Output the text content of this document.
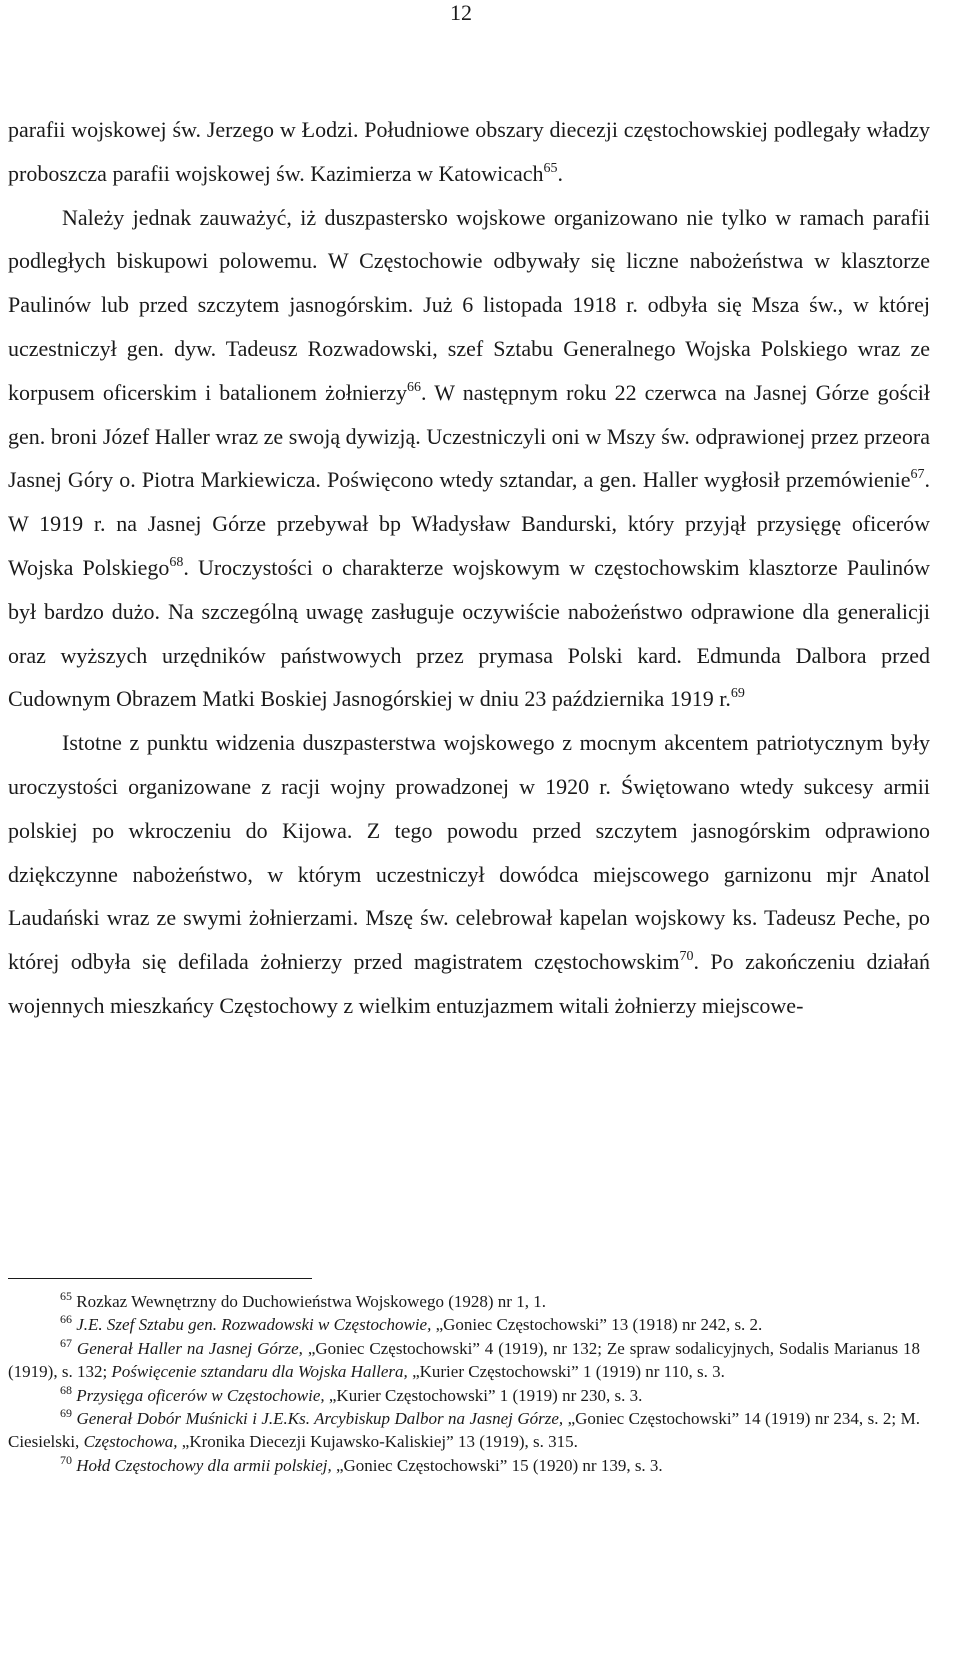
12

parafii wojskowej św. Jerzego w Łodzi. Południowe obszary diecezji częstochowskiej podlegały władzy proboszcza parafii wojskowej św. Kazimierza w Katowicach$^{65}$.

Należy jednak zauważyć, iż duszpastersko wojskowe organizowano nie tylko w ramach parafii podległych biskupowi polowemu. W Częstochowie odbywały się liczne nabożeństwa w klasztorze Paulinów lub przed szczytem jasnogórskim. Już 6 listopada 1918 r. odbyła się Msza św., w której uczestniczył gen. dyw. Tadeusz Rozwadowski, szef Sztabu Generalnego Wojska Polskiego wraz ze korpusem oficerskim i batalionem żołnierzy$^{66}$. W następnym roku 22 czerwca na Jasnej Górze gościł gen. broni Józef Haller wraz ze swoją dywizją. Uczestniczyli oni w Mszy św. odprawionej przez przeora Jasnej Góry o. Piotra Markiewicza. Poświęcono wtedy sztandar, a gen. Haller wygłosił przemówienie$^{67}$. W 1919 r. na Jasnej Górze przebywał bp Władysław Bandurski, który przyjął przysięgę oficerów Wojska Polskiego$^{68}$. Uroczystości o charakterze wojskowym w częstochowskim klasztorze Paulinów był bardzo dużo. Na szczególną uwagę zasługuje oczywiście nabożeństwo odprawione dla generalicji oraz wyższych urzędników państwowych przez prymasa Polski kard. Edmunda Dalbora przed Cudownym Obrazem Matki Boskiej Jasnogórskiej w dniu 23 października 1919 r.$^{69}$

Istotne z punktu widzenia duszpasterstwa wojskowego z mocnym akcentem patriotycznym były uroczystości organizowane z racji wojny prowadzonej w 1920 r. Świętowano wtedy sukcesy armii polskiej po wkroczeniu do Kijowa. Z tego powodu przed szczytem jasnogórskim odprawiono dziękczynne nabożeństwo, w którym uczestniczył dowódca miejscowego garnizonu mjr Anatol Laudański wraz ze swymi żołnierzami. Mszę św. celebrował kapelan wojskowy ks. Tadeusz Peche, po której odbyła się defilada żołnierzy przed magistratem częstochowskim$^{70}$. Po zakończeniu działań wojennych mieszkańcy Częstochowy z wielkim entuzjazmem witali żołnierzy miejscowe-

$^{65}$ Rozkaz Wewnętrzny do Duchowieństwa Wojskowego (1928) nr 1, 1.

$^{66}$ J.E. Szef Sztabu gen. Rozwadowski w Częstochowie, „Goniec Częstochowski” 13 (1918) nr 242, s. 2.

$^{67}$ Generał Haller na Jasnej Górze, „Goniec Częstochowski” 4 (1919), nr 132; Ze spraw sodalicyjnych, Sodalis Marianus 18 (1919), s. 132; Poświęcenie sztandaru dla Wojska Hallera, „Kurier Częstochowski” 1 (1919) nr 110, s. 3.

$^{68}$ Przysięga oficerów w Częstochowie, „Kurier Częstochowski” 1 (1919) nr 230, s. 3.

$^{69}$ Generał Dobór Muśnicki i J.E.Ks. Arcybiskup Dalbor na Jasnej Górze, „Goniec Częstochowski” 14 (1919) nr 234, s. 2; M. Ciesielski, Częstochowa, „Kronika Diecezji Kujawsko-Kaliskiej” 13 (1919), s. 315.

$^{70}$ Hołd Częstochowy dla armii polskiej, „Goniec Częstochowski” 15 (1920) nr 139, s. 3.
